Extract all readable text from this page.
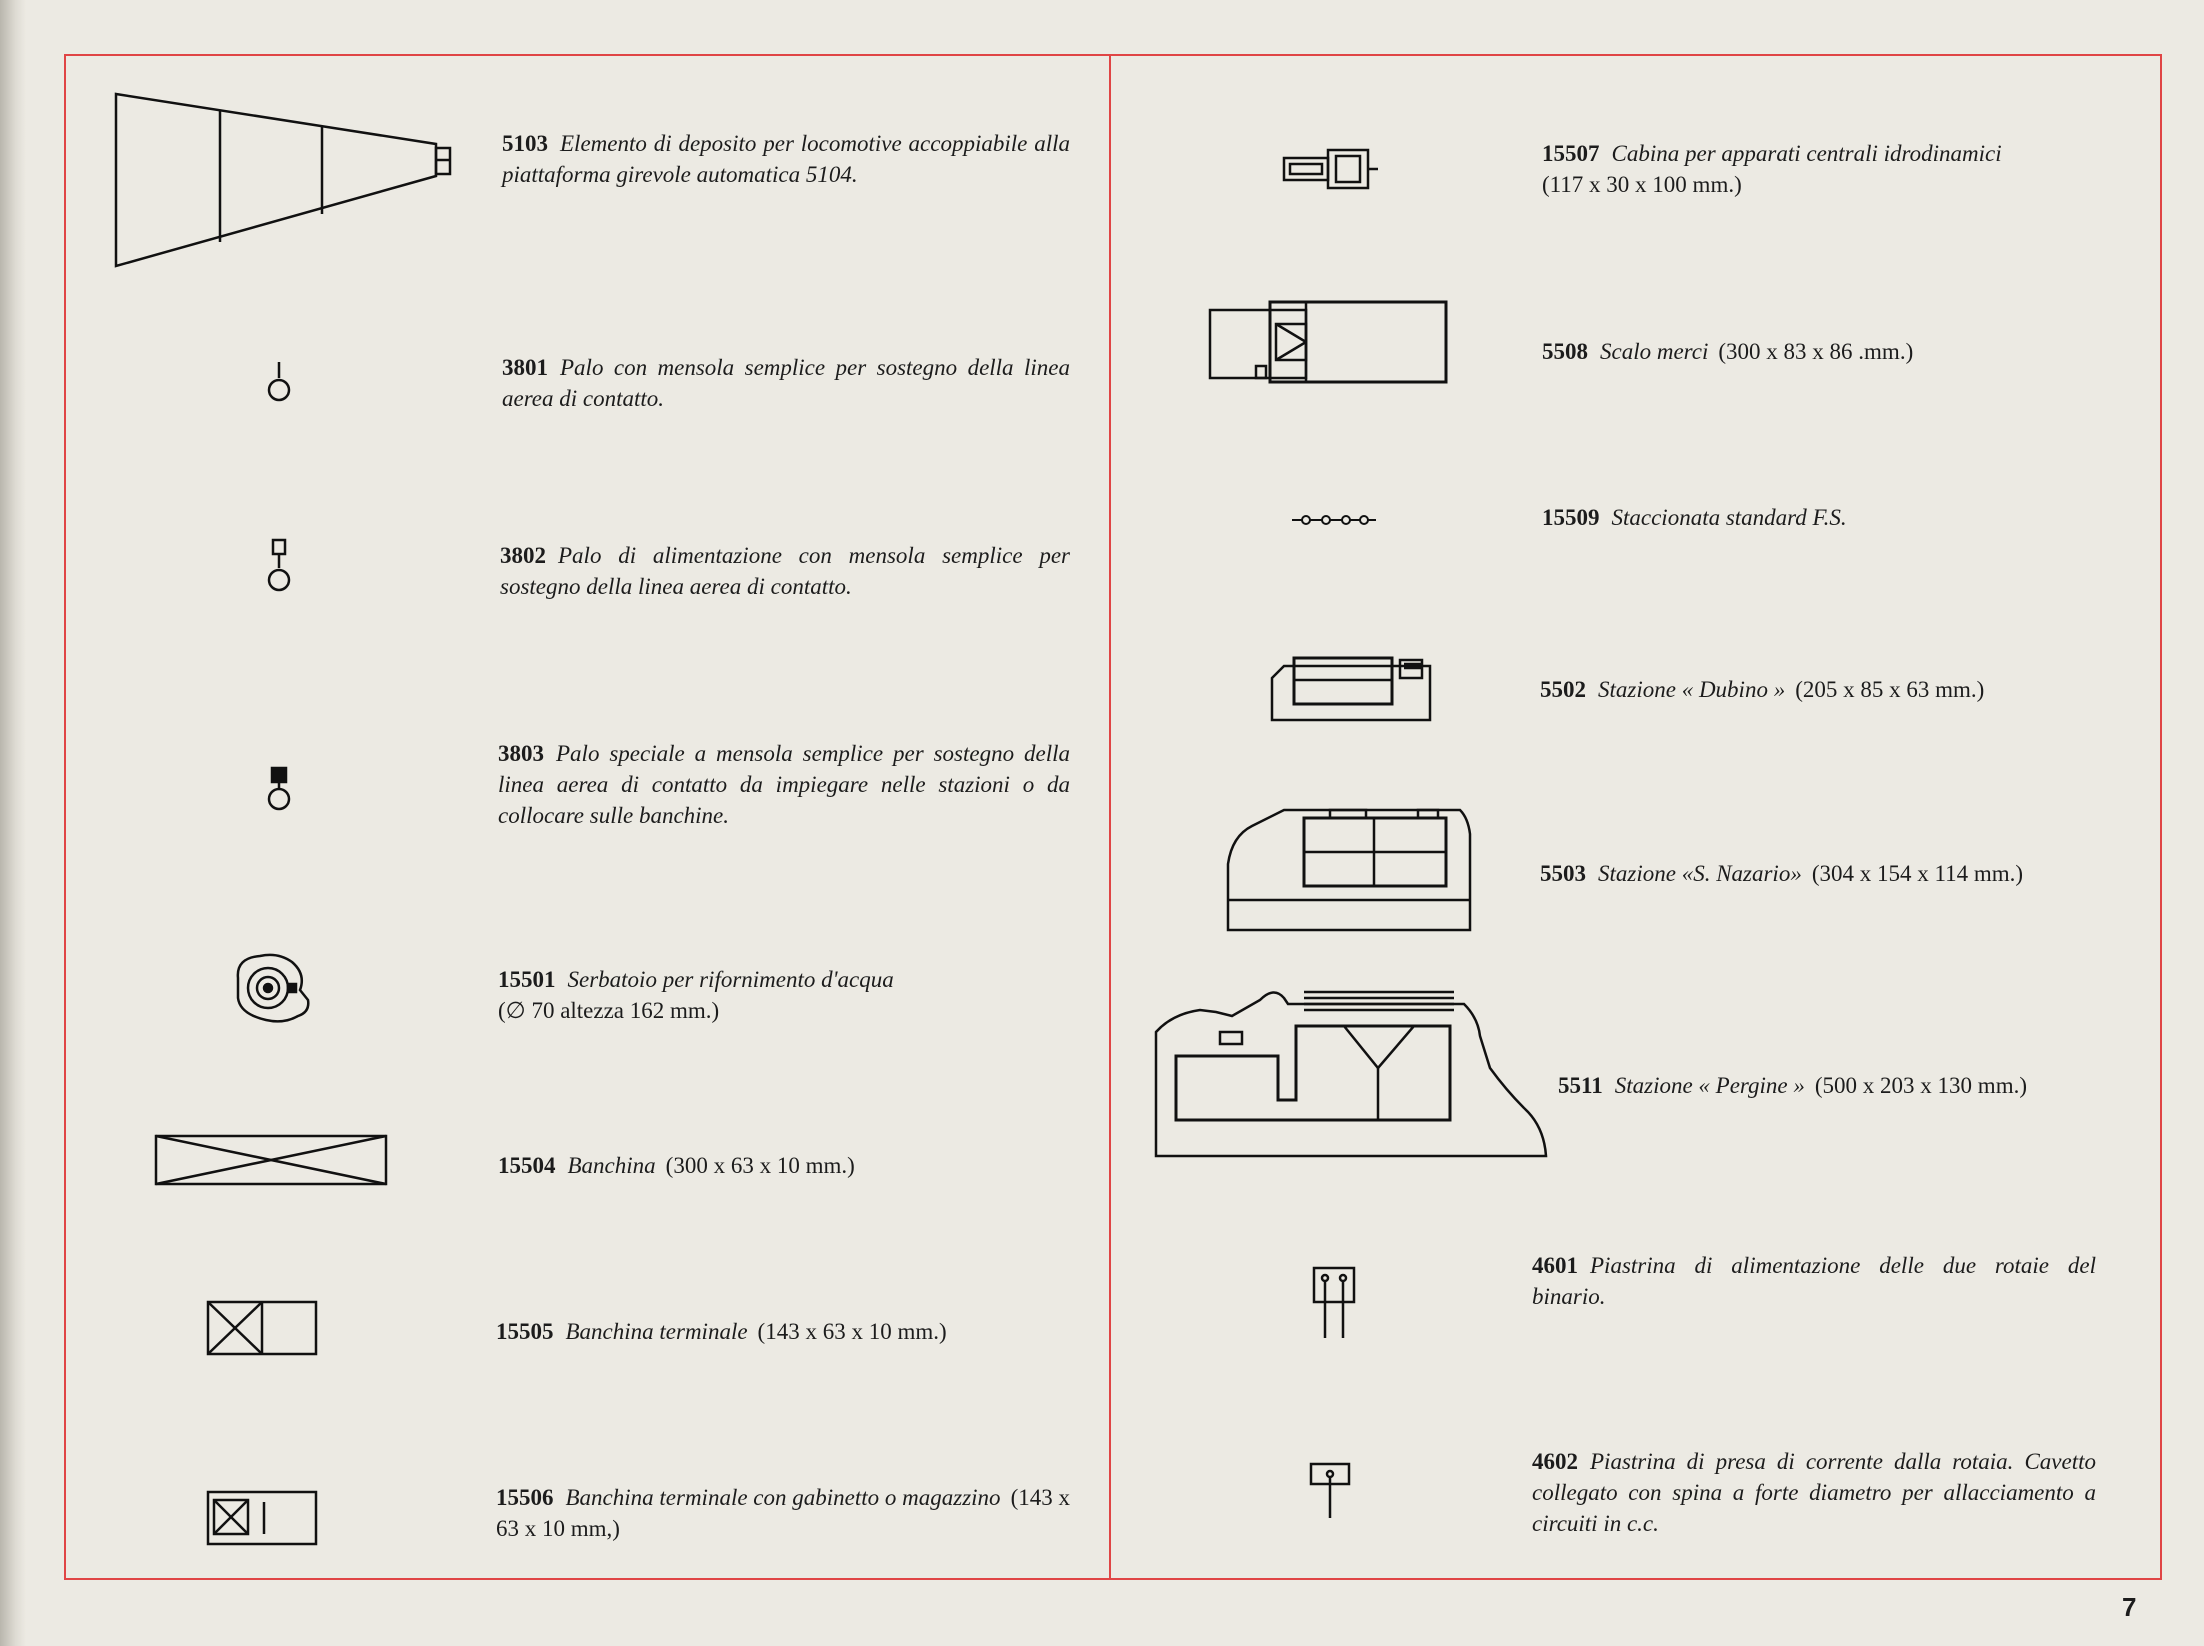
5103 Elemento di deposito per locomotive accoppiabile alla piattaforma girevole automatica 5104.

3801 Palo con mensola semplice per sostegno della linea aerea di contatto.

3802 Palo di alimentazione con mensola semplice per sostegno della linea aerea di contatto.

3803 Palo speciale a mensola semplice per sostegno della linea aerea di contatto da impiegare nelle stazioni o da collocare sulle banchine.

15501 Serbatoio per rifornimento d'acqua
(∅ 70 altezza 162 mm.)

15504 Banchina (300 x 63 x 10 mm.)

15505 Banchina terminale (143 x 63 x 10 mm.)

15506 Banchina terminale con gabinetto o magazzino (143 x 63 x 10 mm,)

15507 Cabina per apparati centrali idrodinamici
(117 x 30 x 100 mm.)

5508 Scalo merci (300 x 83 x 86 .mm.)

15509 Staccionata standard F.S.

5502 Stazione « Dubino » (205 x 85 x 63 mm.)

5503 Stazione «S. Nazario» (304 x 154 x 114 mm.)

5511 Stazione « Pergine » (500 x 203 x 130 mm.)

4601 Piastrina di alimentazione delle due rotaie del binario.

4602 Piastrina di presa di corrente dalla rotaia. Cavetto collegato con spina a forte diametro per allacciamento a circuiti in c.c.

7
